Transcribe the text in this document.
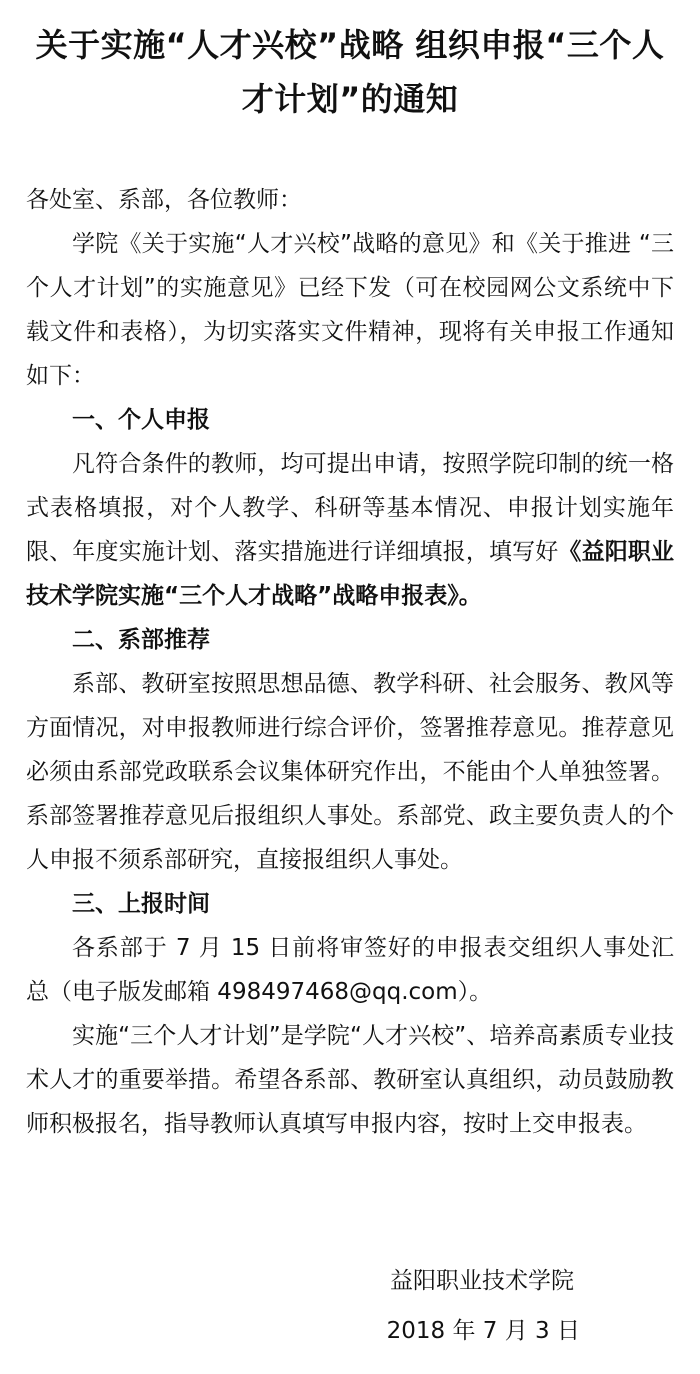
关于实施“人才兴校”战略 组织申报“三个人
才计划”的通知

各处室、系部，各位教师：

学院《关于实施“人才兴校”战略的意见》和《关于推进 “三个人才计划”的实施意见》已经下发（可在校园网公文系统中下载文件和表格），为切实落实文件精神，现将有关申报工作通知如下：

一、个人申报

凡符合条件的教师，均可提出申请，按照学院印制的统一格式表格填报，对个人教学、科研等基本情况、申报计划实施年限、年度实施计划、落实措施进行详细填报，填写好《益阳职业技术学院实施“三个人才战略”战略申报表》。

二、系部推荐

系部、教研室按照思想品德、教学科研、社会服务、教风等方面情况，对申报教师进行综合评价，签署推荐意见。推荐意见必须由系部党政联系会议集体研究作出，不能由个人单独签署。系部签署推荐意见后报组织人事处。系部党、政主要负责人的个人申报不须系部研究，直接报组织人事处。

三、上报时间

各系部于 7 月 15 日前将审签好的申报表交组织人事处汇总（电子版发邮箱 498497468@qq.com）。

实施“三个人才计划”是学院“人才兴校”、培养高素质专业技术人才的重要举措。希望各系部、教研室认真组织，动员鼓励教师积极报名，指导教师认真填写申报内容，按时上交申报表。

益阳职业技术学院
2018 年 7 月 3 日
